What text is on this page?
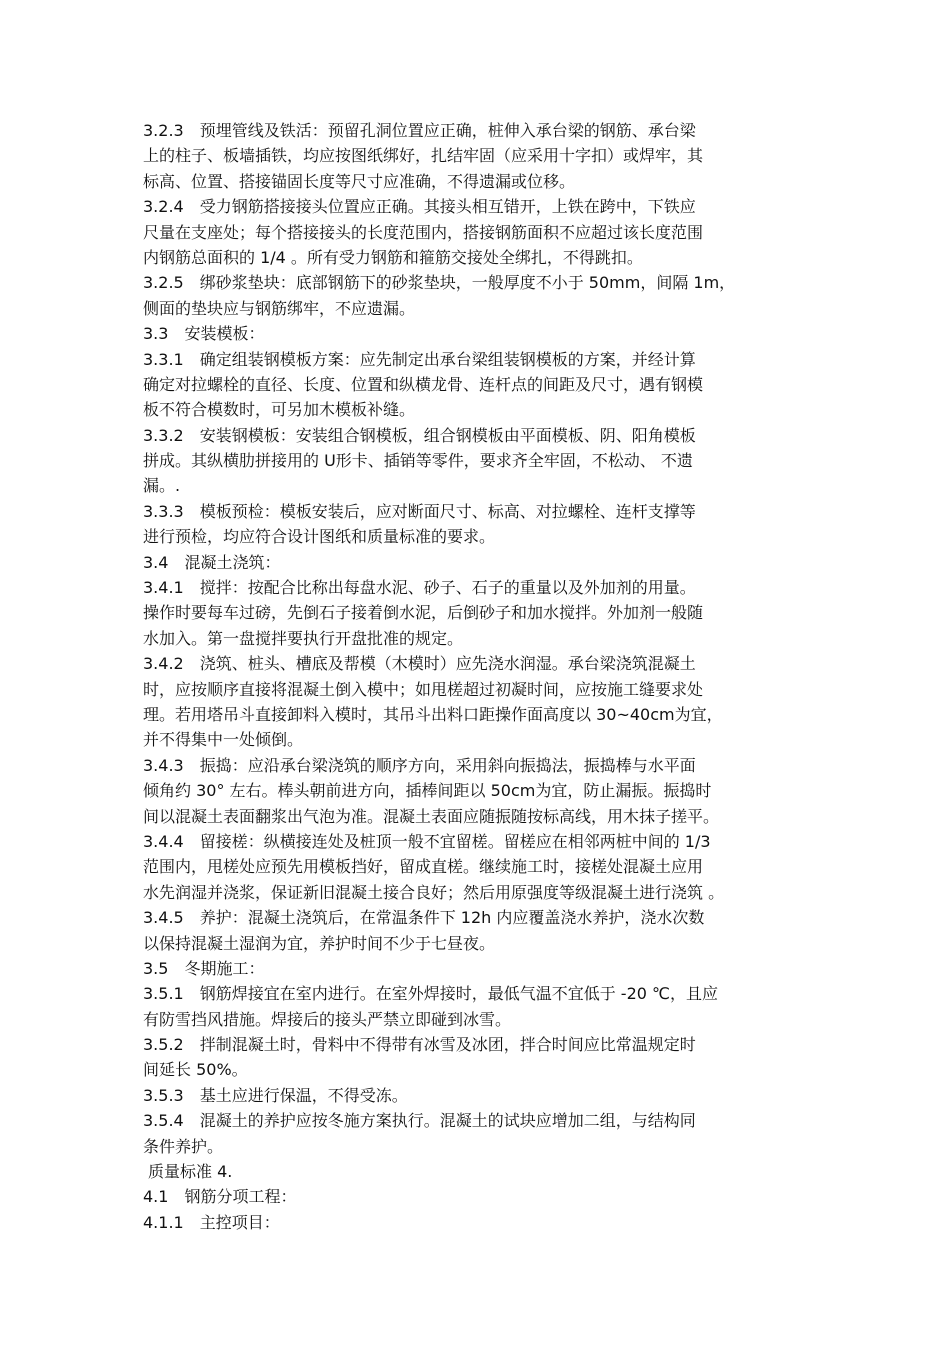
3.2.3　预埋管线及铁活：预留孔洞位置应正确，桩伸入承台梁的钢筋、承台梁
上的柱子、板墙插铁，均应按图纸绑好，扎结牢固（应采用十字扣）或焊牢，其
标高、位置、搭接锚固长度等尺寸应准确，不得遗漏或位移。
3.2.4　受力钢筋搭接接头位置应正确。其接头相互错开，上铁在跨中，下铁应
尺量在支座处；每个搭接接头的长度范围内，搭接钢筋面积不应超过该长度范围
内钢筋总面积的 1/4 。所有受力钢筋和箍筋交接处全绑扎，不得跳扣。
3.2.5　绑砂浆垫块：底部钢筋下的砂浆垫块，一般厚度不小于 50mm，间隔 1m，
侧面的垫块应与钢筋绑牢，不应遗漏。
3.3　安装模板：
3.3.1　确定组装钢模板方案：应先制定出承台梁组装钢模板的方案，并经计算
确定对拉螺栓的直径、长度、位置和纵横龙骨、连杆点的间距及尺寸，遇有钢模
板不符合模数时，可另加木模板补缝。
3.3.2　安装钢模板：安装组合钢模板，组合钢模板由平面模板、阴、阳角模板
拼成。其纵横肋拼接用的 U形卡、插销等零件，要求齐全牢固，不松动、 不遗
漏。.
3.3.3　模板预检：模板安装后，应对断面尺寸、标高、对拉螺栓、连杆支撑等
进行预检，均应符合设计图纸和质量标准的要求。
3.4　混凝土浇筑：
3.4.1　搅拌：按配合比称出每盘水泥、砂子、石子的重量以及外加剂的用量。
操作时要每车过磅，先倒石子接着倒水泥，后倒砂子和加水搅拌。外加剂一般随
水加入。第一盘搅拌要执行开盘批准的规定。
3.4.2　浇筑、桩头、槽底及帮模（木模时）应先浇水润湿。承台梁浇筑混凝土
时，应按顺序直接将混凝土倒入模中；如甩槎超过初凝时间，应按施工缝要求处
理。若用塔吊斗直接卸料入模时，其吊斗出料口距操作面高度以 30~40cm为宜，
并不得集中一处倾倒。
3.4.3　振捣：应沿承台梁浇筑的顺序方向，采用斜向振捣法，振捣棒与水平面
倾角约 30° 左右。棒头朝前进方向，插棒间距以 50cm为宜，防止漏振。振捣时
间以混凝土表面翻浆出气泡为准。混凝土表面应随振随按标高线，用木抹子搓平。
3.4.4　留接槎：纵横接连处及桩顶一般不宜留槎。留槎应在相邻两桩中间的 1/3
范围内，甩槎处应预先用模板挡好，留成直槎。继续施工时，接槎处混凝土应用
水先润湿并浇浆，保证新旧混凝土接合良好；然后用原强度等级混凝土进行浇筑 。
3.4.5　养护：混凝土浇筑后，在常温条件下 12h 内应覆盖浇水养护，浇水次数
以保持混凝土湿润为宜，养护时间不少于七昼夜。
3.5　冬期施工：
3.5.1　钢筋焊接宜在室内进行。在室外焊接时，最低气温不宜低于 -20 ℃，且应
有防雪挡风措施。焊接后的接头严禁立即碰到冰雪。
3.5.2　拌制混凝土时，骨料中不得带有冰雪及冰团，拌合时间应比常温规定时
间延长 50%。
3.5.3　基土应进行保温，不得受冻。
3.5.4　混凝土的养护应按冬施方案执行。混凝土的试块应增加二组，与结构同
条件养护。
质量标准 4.
4.1　钢筋分项工程：
4.1.1　主控项目：
